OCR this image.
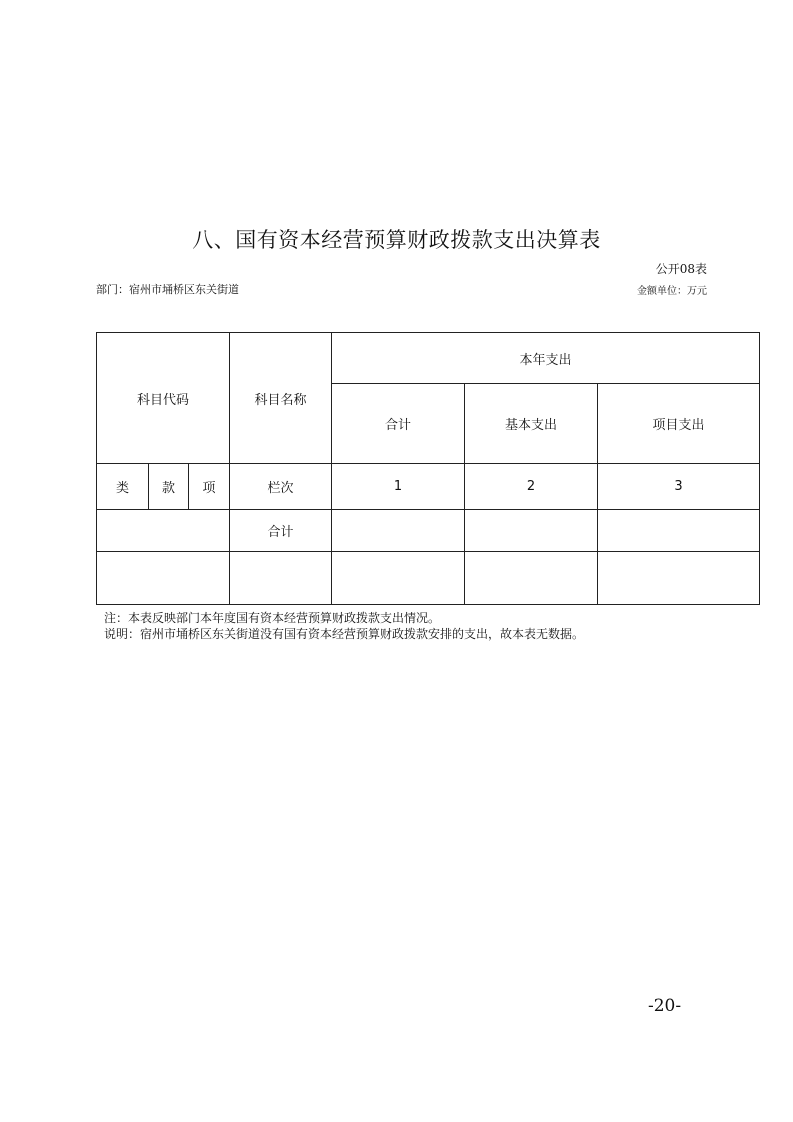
八、国有资本经营预算财政拨款支出决算表
公开08表
部门：宿州市埇桥区东关街道	金额单位：万元
科目代码			科目名称	本年支出		
				合计	基本支出	项目支出
类	款	项	栏次	1	2	3
			合计			

注：本表反映部门本年度国有资本经营预算财政拨款支出情况。
说明：宿州市埇桥区东关街道没有国有资本经营预算财政拨款安排的支出，故本表无数据。
-20-
